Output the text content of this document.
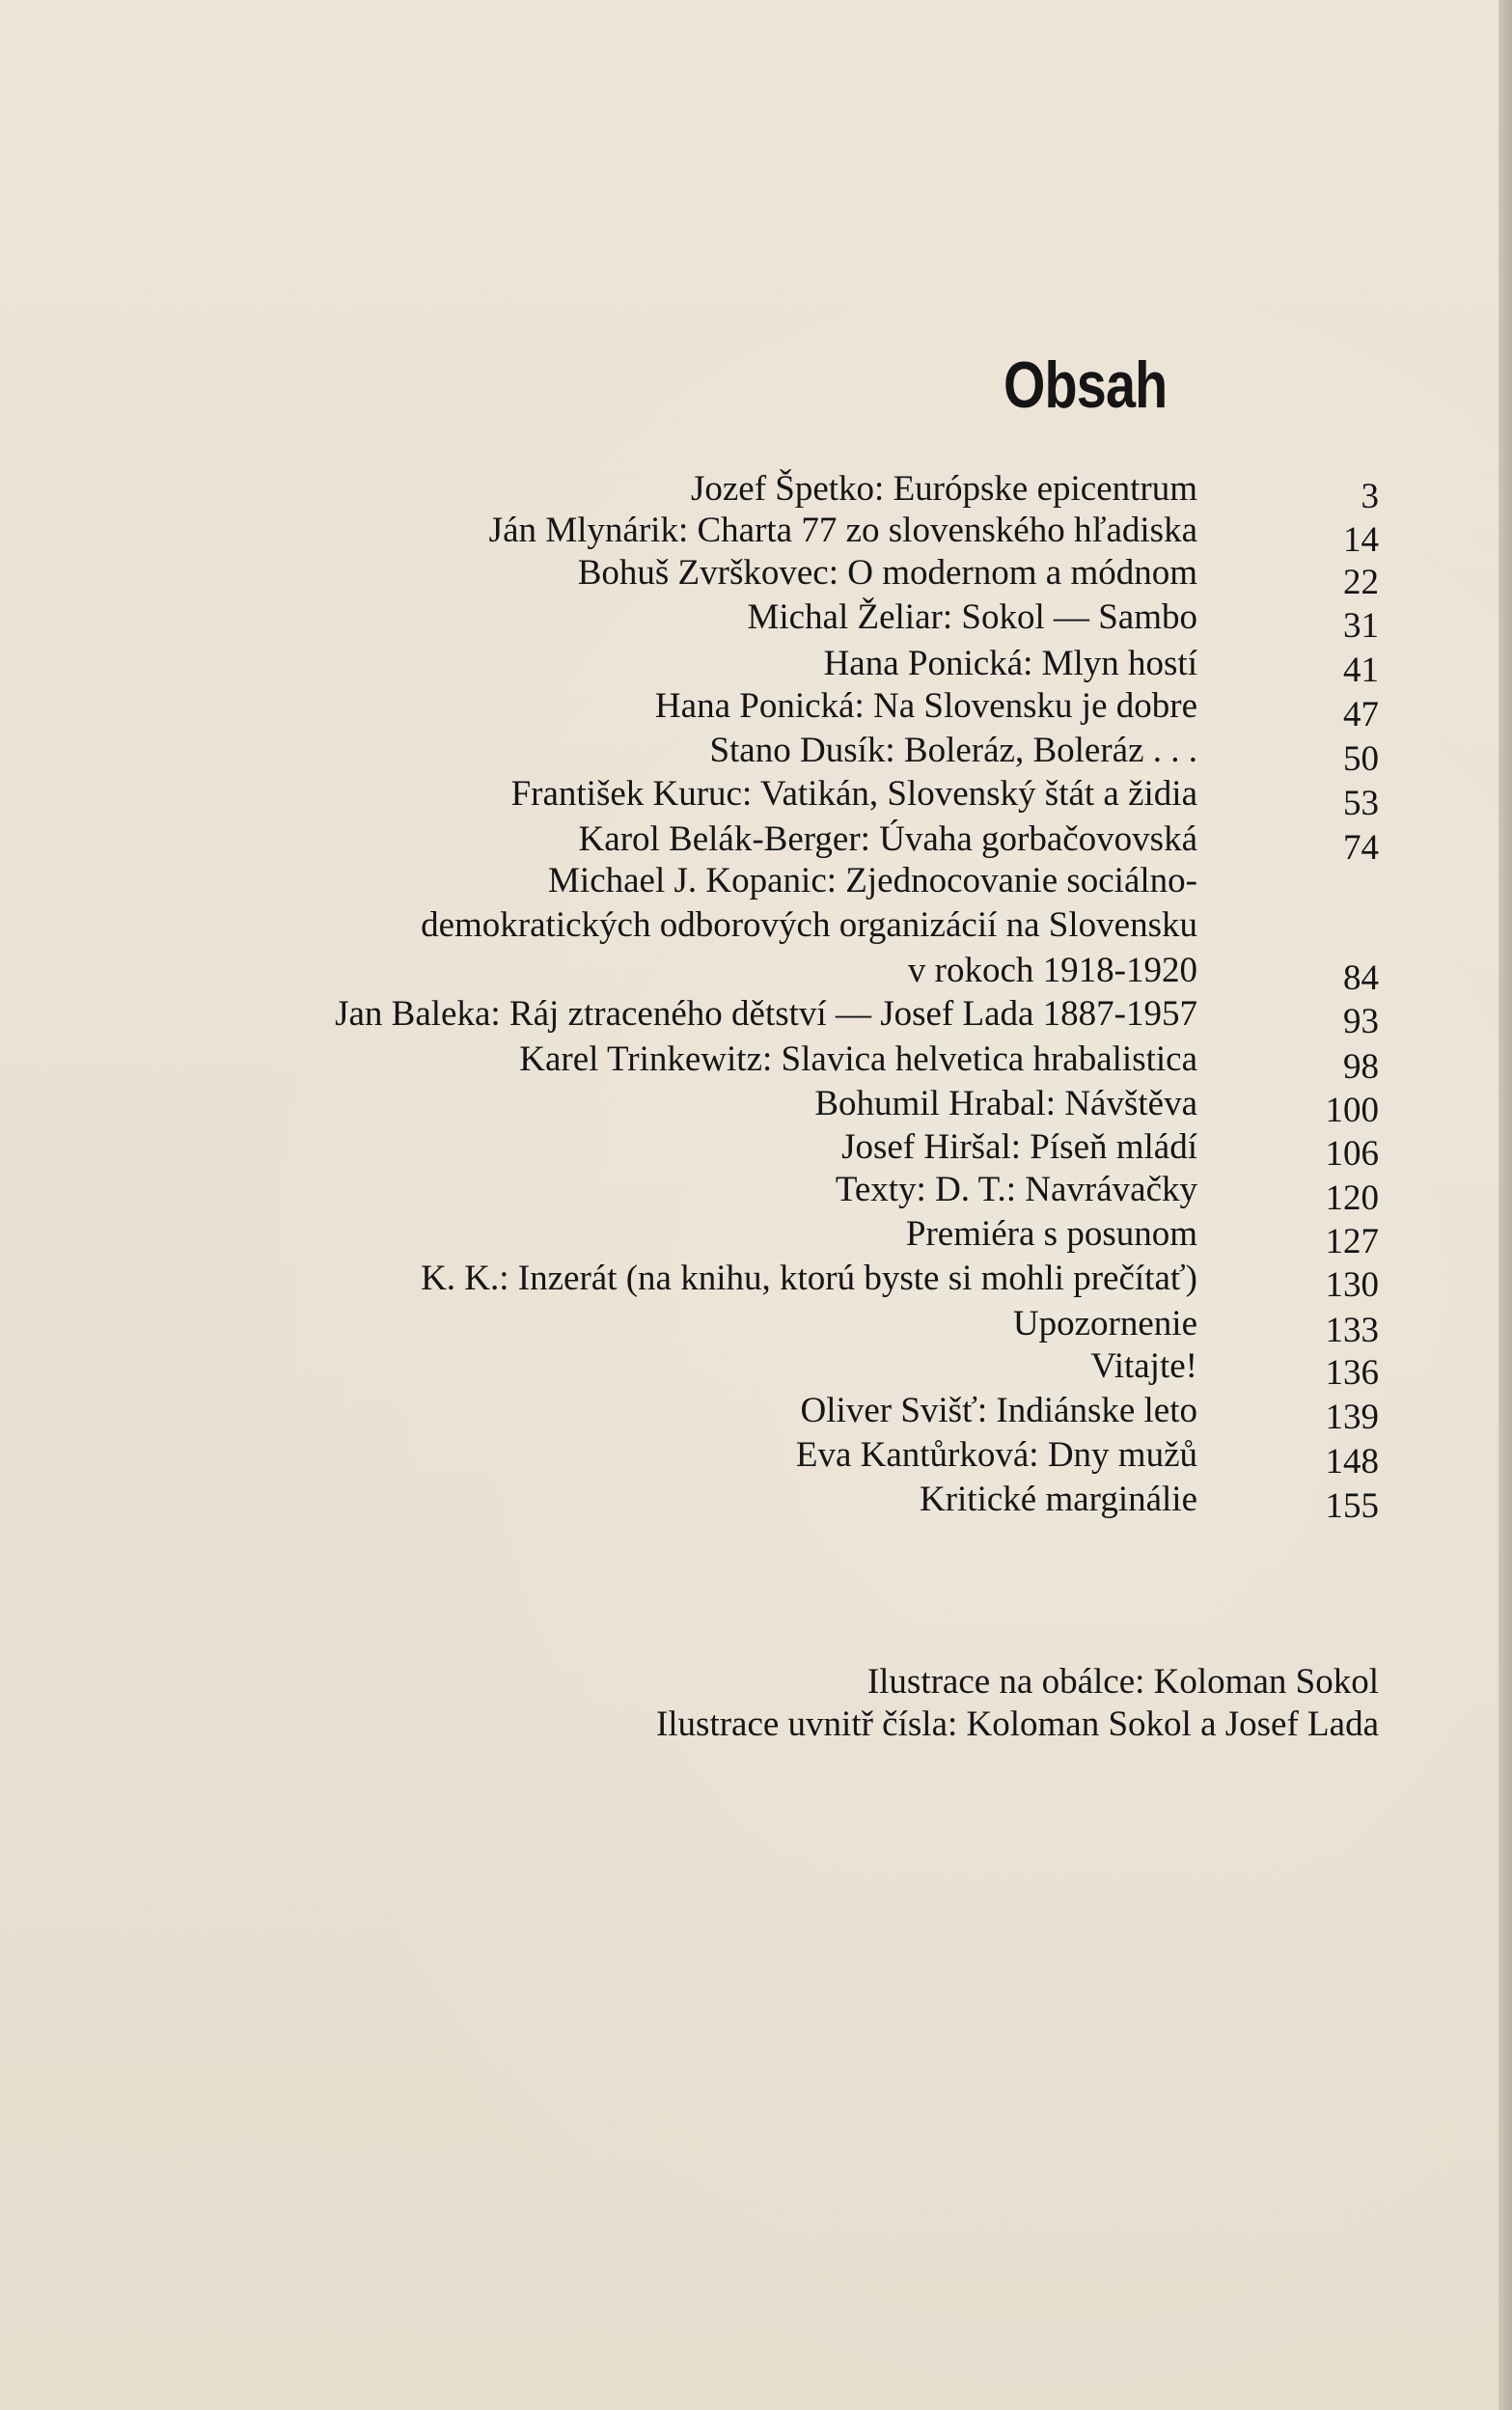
Obsah
Jozef Špetko: Európske epicentrum	3
Ján Mlynárik: Charta 77 zo slovenského hľadiska	14
Bohuš Zvrškovec: O modernom a módnom	22
Michal Želiar: Sokol — Sambo	31
Hana Ponická: Mlyn hostí	41
Hana Ponická: Na Slovensku je dobre	47
Stano Dusík: Boleráz, Boleráz . . .	50
František Kuruc: Vatikán, Slovenský štát a židia	53
Karol Belák-Berger: Úvaha gorbačovovská	74
Michael J. Kopanic: Zjednocovanie sociálno-
demokratických odborových organizácií na Slovensku
v rokoch 1918-1920	84
Jan Baleka: Ráj ztraceného dětství — Josef Lada 1887-1957	93
Karel Trinkewitz: Slavica helvetica hrabalistica	98
Bohumil Hrabal: Návštěva	100
Josef Hiršal: Píseň mládí	106
Texty: D. T.: Navrávačky	120
Premiéra s posunom	127
K. K.: Inzerát (na knihu, ktorú byste si mohli prečítať)	130
Upozornenie	133
Vitajte!	136
Oliver Svišť: Indiánske leto	139
Eva Kantůrková: Dny mužů	148
Kritické marginálie	155
Ilustrace na obálce: Koloman Sokol
Ilustrace uvnitř čísla: Koloman Sokol a Josef Lada
